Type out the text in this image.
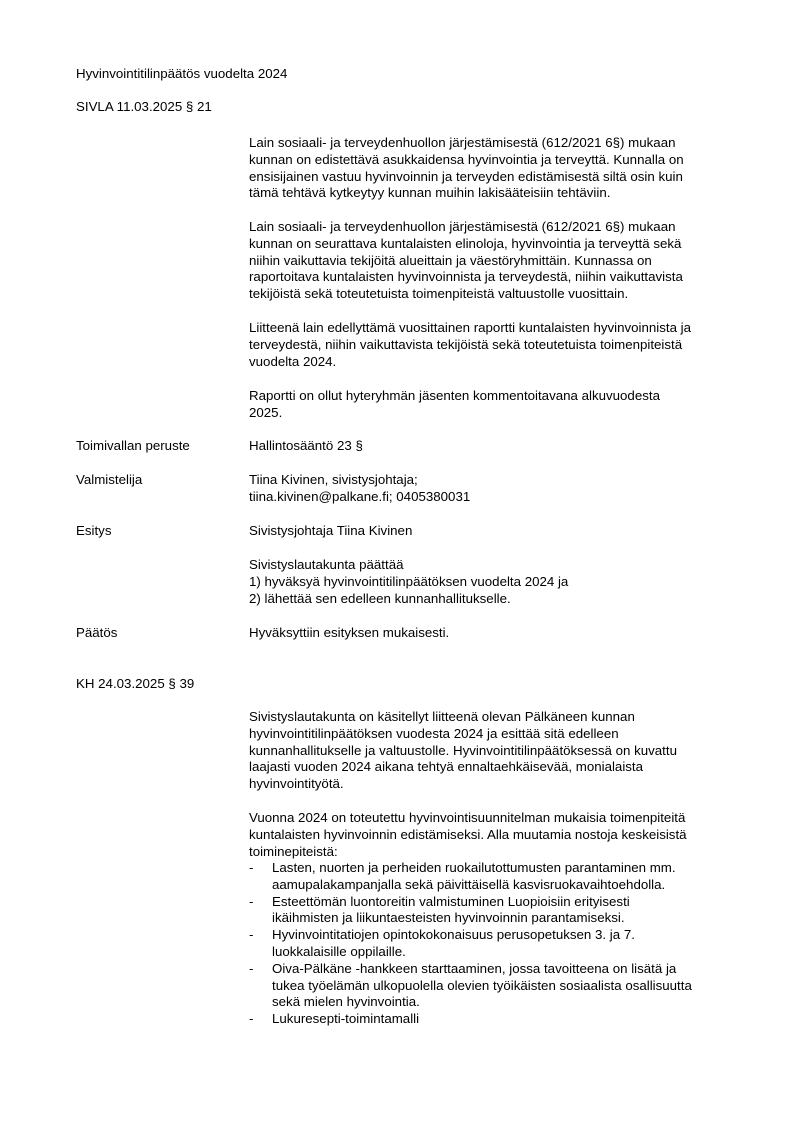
Hyvinvointitilinpäätös vuodelta 2024
SIVLA 11.03.2025 § 21
Lain sosiaali- ja terveydenhuollon järjestämisestä (612/2021 6§) mukaan
kunnan on edistettävä asukkaidensa hyvinvointia ja terveyttä. Kunnalla on
ensisijainen vastuu hyvinvoinnin ja terveyden edistämisestä siltä osin kuin
tämä tehtävä kytkeytyy kunnan muihin lakisääteisiin tehtäviin.
Lain sosiaali- ja terveydenhuollon järjestämisestä (612/2021 6§) mukaan
kunnan on seurattava kuntalaisten elinoloja, hyvinvointia ja terveyttä sekä
niihin vaikuttavia tekijöitä alueittain ja väestöryhmittäin. Kunnassa on
raportoitava kuntalaisten hyvinvoinnista ja terveydestä, niihin vaikuttavista
tekijöistä sekä toteutetuista toimenpiteistä valtuustolle vuosittain.
Liitteenä lain edellyttämä vuosittainen raportti kuntalaisten hyvinvoinnista ja
terveydestä, niihin vaikuttavista tekijöistä sekä toteutetuista toimenpiteistä
vuodelta 2024.
Raportti on ollut hyteryhmän jäsenten kommentoitavana alkuvuodesta
2025.
Toimivallan peruste	Hallintosääntö 23 §
Valmistelija	Tiina Kivinen, sivistysjohtaja;
tiina.kivinen@palkane.fi; 0405380031
Esitys	Sivistysjohtaja Tiina Kivinen
Sivistyslautakunta päättää
1) hyväksyä hyvinvointitilinpäätöksen vuodelta 2024 ja
2) lähettää sen edelleen kunnanhallitukselle.
Päätös	Hyväksyttiin esityksen mukaisesti.
KH 24.03.2025 § 39
Sivistyslautakunta on käsitellyt liitteenä olevan Pälkäneen kunnan
hyvinvointitilinpäätöksen vuodesta 2024 ja esittää sitä edelleen
kunnanhallitukselle ja valtuustolle. Hyvinvointitilinpäätöksessä on kuvattu
laajasti vuoden 2024 aikana tehtyä ennaltaehkäisevää, monialaista
hyvinvointityötä.
Vuonna 2024 on toteutettu hyvinvointisuunnitelman mukaisia toimenpiteitä
kuntalaisten hyvinvoinnin edistämiseksi. Alla muutamia nostoja keskeisistä
toiminepiteistä:
- Lasten, nuorten ja perheiden ruokailutottumusten parantaminen mm.
aamupalakampanjalla sekä päivittäisellä kasvisruokavaihtoehdolla.
- Esteettömän luontoreitin valmistuminen Luopioisiin erityisesti
ikäihmisten ja liikuntaesteisten hyvinvoinnin parantamiseksi.
- Hyvinvointitatiojen opintokokonaisuus perusopetuksen 3. ja 7.
luokkalaisille oppilaille.
- Oiva-Pälkäne -hankkeen starttaaminen, jossa tavoitteena on lisätä ja
tukea työelämän ulkopuolella olevien työikäisten sosiaalista osallisuutta
sekä mielen hyvinvointia.
- Lukuresepti-toimintamalli
